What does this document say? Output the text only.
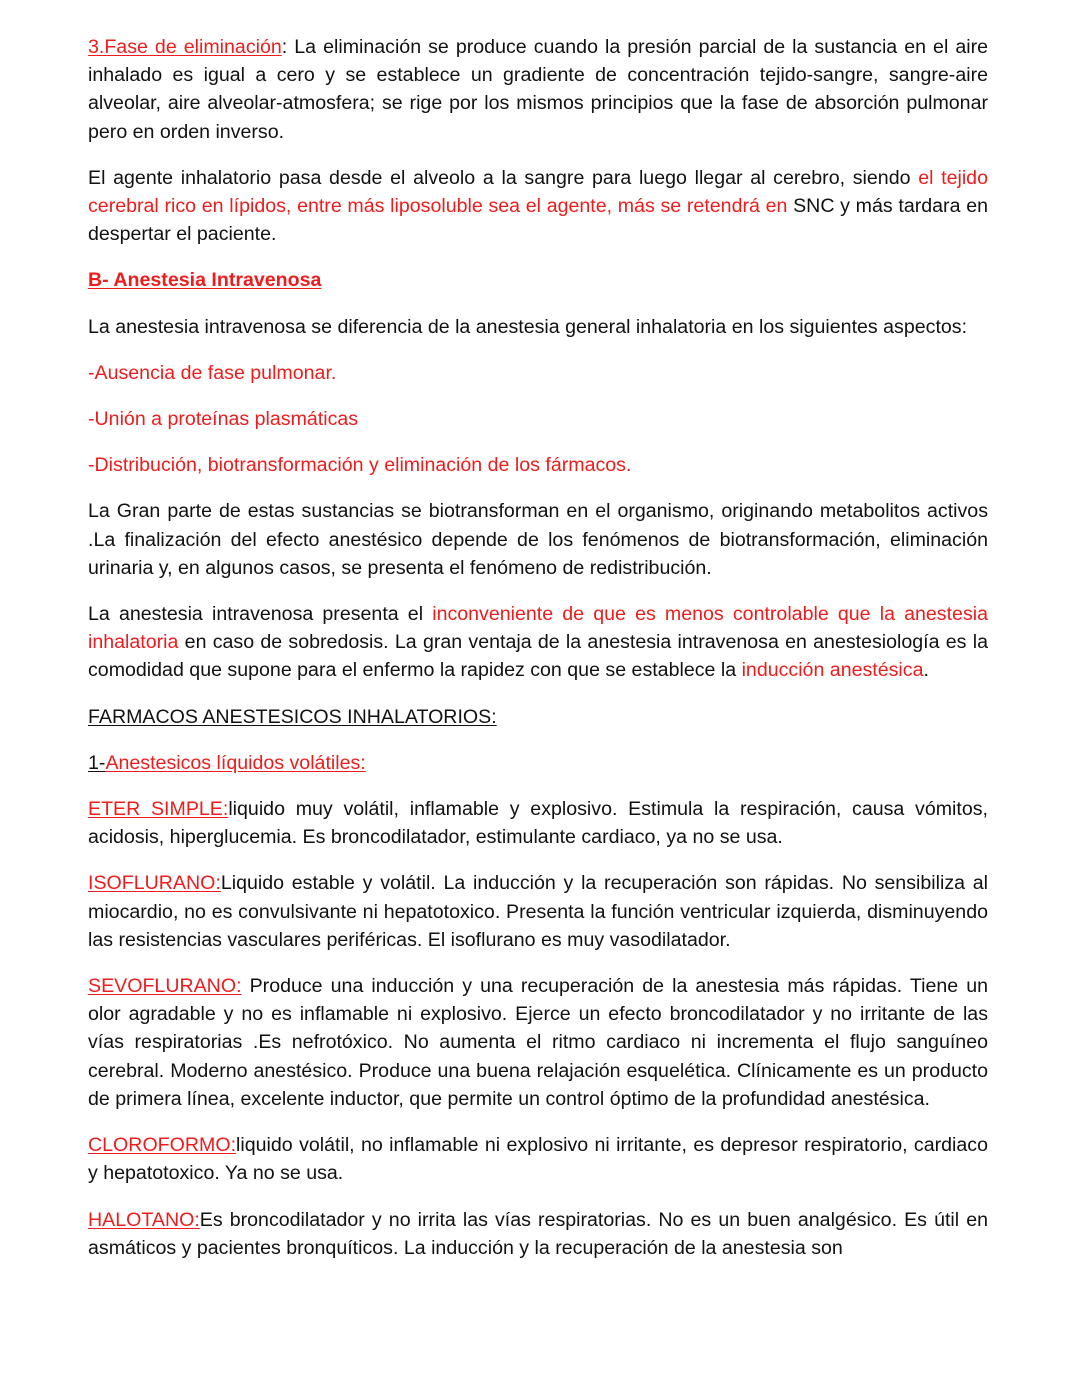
3.Fase de eliminación: La eliminación se produce cuando la presión parcial de la sustancia en el aire inhalado es igual a cero y se establece un gradiente de concentración tejido-sangre, sangre-aire alveolar, aire alveolar-atmosfera; se rige por los mismos principios que la fase de absorción pulmonar pero en orden inverso.

El agente inhalatorio pasa desde el alveolo a la sangre para luego llegar al cerebro, siendo el tejido cerebral rico en lípidos, entre más liposoluble sea el agente, más se retendrá en SNC y más tardara en despertar el paciente.

B- Anestesia Intravenosa

La anestesia intravenosa se diferencia de la anestesia general inhalatoria en los siguientes aspectos:

-Ausencia de fase pulmonar.

-Unión a proteínas plasmáticas

-Distribución, biotransformación y eliminación de los fármacos.

La Gran parte de estas sustancias se biotransforman en el organismo, originando metabolitos activos .La finalización del efecto anestésico depende de los fenómenos de biotransformación, eliminación urinaria y, en algunos casos, se presenta el fenómeno de redistribución.

La anestesia intravenosa presenta el inconveniente de que es menos controlable que la anestesia inhalatoria en caso de sobredosis. La gran ventaja de la anestesia intravenosa en anestesiología es la comodidad que supone para el enfermo la rapidez con que se establece la inducción anestésica.

FARMACOS ANESTESICOS INHALATORIOS:

1-Anestesicos líquidos volátiles:

ETER SIMPLE:liquido muy volátil, inflamable y explosivo. Estimula la respiración, causa vómitos, acidosis, hiperglucemia. Es broncodilatador, estimulante cardiaco, ya no se usa.

ISOFLURANO:Liquido estable y volátil. La inducción y la recuperación son rápidas. No sensibiliza al miocardio, no es convulsivante ni hepatotoxico. Presenta la función ventricular izquierda, disminuyendo las resistencias vasculares periféricas. El isoflurano es muy vasodilatador.

SEVOFLURANO: Produce una inducción y una recuperación de la anestesia más rápidas. Tiene un olor agradable y no es inflamable ni explosivo. Ejerce un efecto broncodilatador y no irritante de las vías respiratorias .Es nefrotóxico. No aumenta el ritmo cardiaco ni incrementa el flujo sanguíneo cerebral. Moderno anestésico. Produce una buena relajación esquelética. Clínicamente es un producto de primera línea, excelente inductor, que permite un control óptimo de la profundidad anestésica.

CLOROFORMO:liquido volátil, no inflamable ni explosivo ni irritante, es depresor respiratorio, cardiaco y hepatotoxico. Ya no se usa.

HALOTANO:Es broncodilatador y no irrita las vías respiratorias. No es un buen analgésico. Es útil en asmáticos y pacientes bronquíticos. La inducción y la recuperación de la anestesia son
